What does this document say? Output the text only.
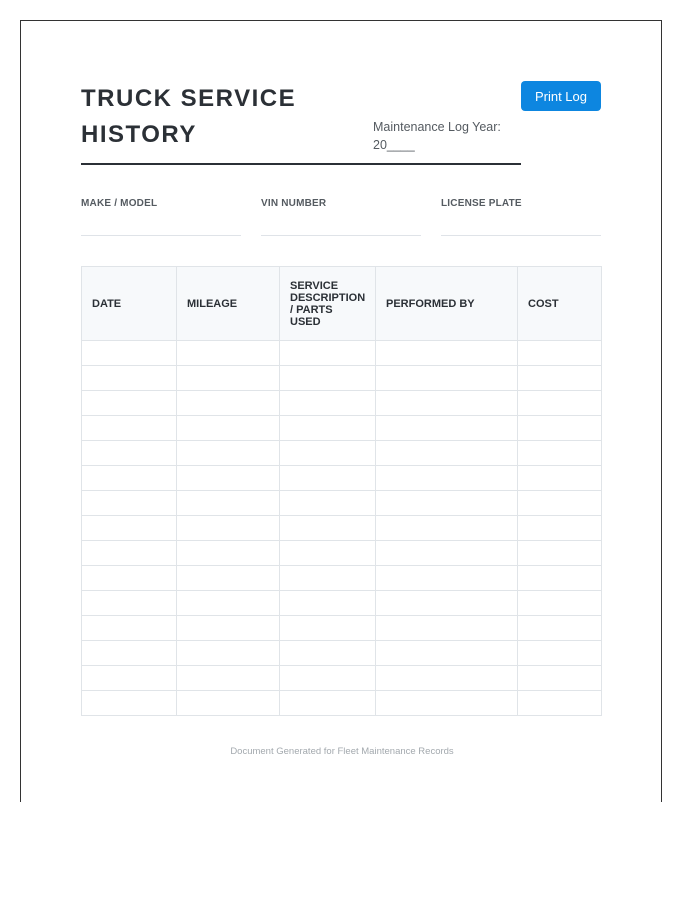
Print Log
TRUCK SERVICE HISTORY	Maintenance Log Year: 20____
MAKE / MODEL	VIN NUMBER	LICENSE PLATE
DATE	MILEAGE	SERVICE DESCRIPTION / PARTS USED	PERFORMED BY	COST

Document Generated for Fleet Maintenance Records
